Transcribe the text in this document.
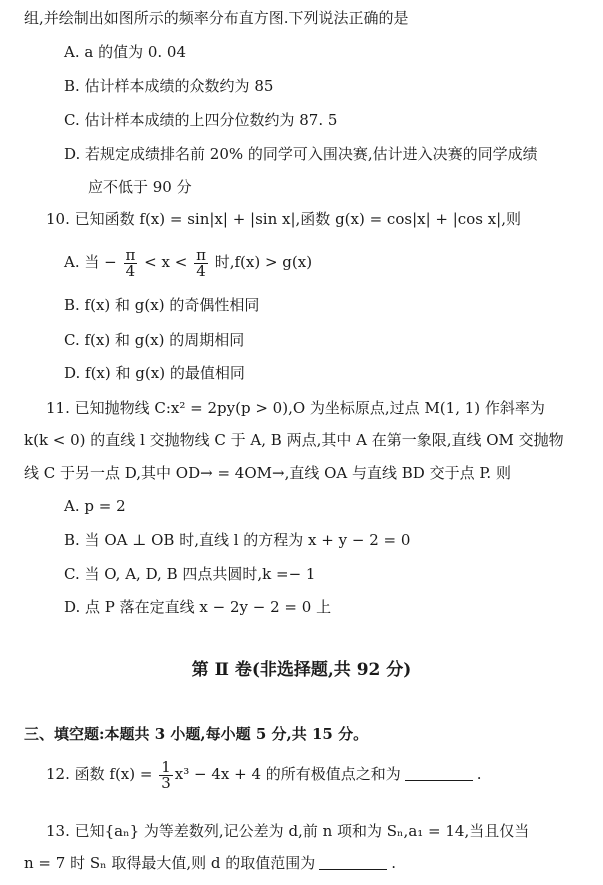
组,并绘制出如图所示的频率分布直方图.下列说法正确的是
A. a 的值为 0. 04
B. 估计样本成绩的众数约为 85
C. 估计样本成绩的上四分位数约为 87. 5
D. 若规定成绩排名前 20% 的同学可入围决赛,估计进入决赛的同学成绩
应不低于 90 分
10. 已知函数 f(x) = sin|x| + |sin x|,函数 g(x) = cos|x| + |cos x|,则
A. 当 − $\frac{\pi}{4} < x < \frac{\pi}{4}$ 时,f(x) > g(x)
B. f(x) 和 g(x) 的奇偶性相同
C. f(x) 和 g(x) 的周期相同
D. f(x) 和 g(x) 的最值相同
11. 已知抛物线 C:x² = 2py(p > 0),O 为坐标原点,过点 M(1, 1) 作斜率为
k(k < 0) 的直线 l 交抛物线 C 于 A, B 两点,其中 A 在第一象限,直线 OM 交抛物
线 C 于另一点 D,其中 OD→ = 4OM→,直线 OA 与直线 BD 交于点 P. 则
A. p = 2
B. 当 OA ⊥ OB 时,直线 l 的方程为 x + y − 2 = 0
C. 当 O, A, D, B 四点共圆时,k =− 1
D. 点 P 落在定直线 x − 2y − 2 = 0 上
第 Ⅱ 卷(非选择题,共 92 分)
三、填空题:本题共 3 小题,每小题 5 分,共 15 分。
12. 函数 $f(x) = \frac{1}{3} x^3 - 4x + 4$ 的所有极值点之和为	.
13. 已知{aₙ} 为等差数列,记公差为 d,前 n 项和为 Sₙ,a₁ = 14,当且仅当
n = 7 时 Sₙ 取得最大值,则 d 的取值范围为	.
